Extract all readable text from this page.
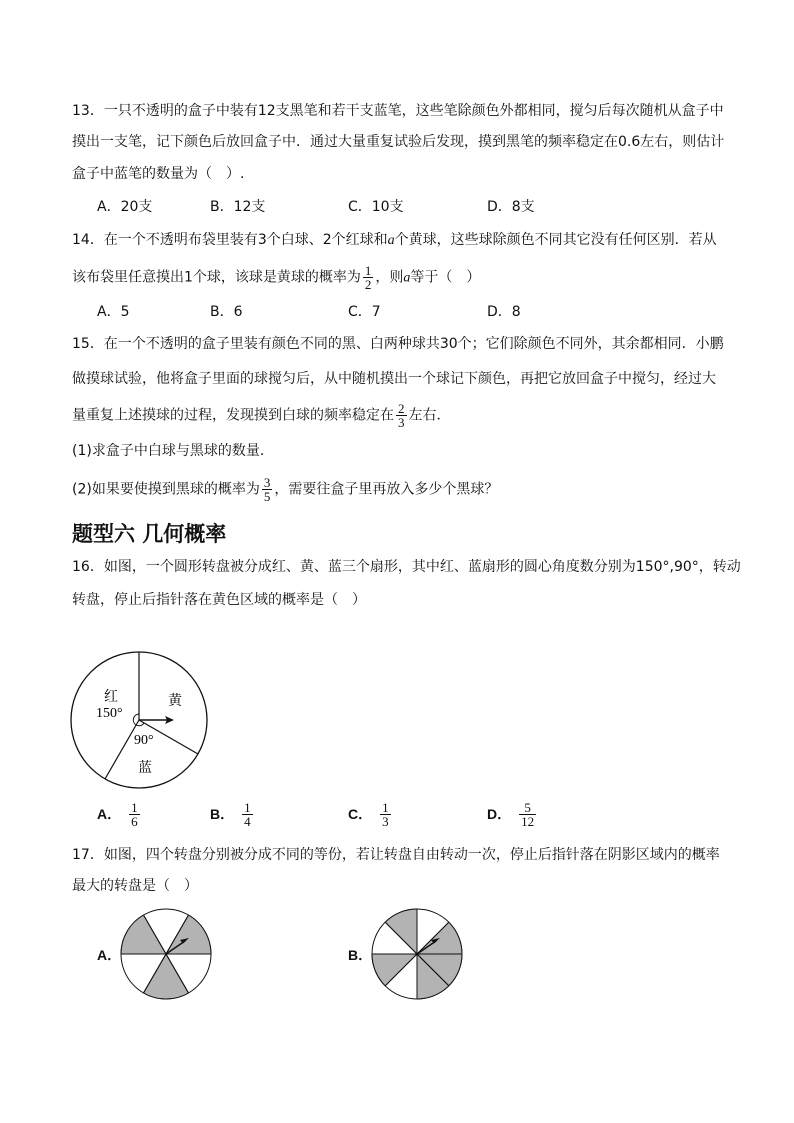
13．一只不透明的盒子中装有12支黑笔和若干支蓝笔，这些笔除颜色外都相同，搅匀后每次随机从盒子中
摸出一支笔，记下颜色后放回盒子中．通过大量重复试验后发现，摸到黑笔的频率稳定在0.6左右，则估计
盒子中蓝笔的数量为（　）.
A．20支	B．12支	C．10支	D．8支
14．在一个不透明布袋里装有3个白球、2个红球和a个黄球，这些球除颜色不同其它没有任何区别．若从
该布袋里任意摸出1个球，该球是黄球的概率为 $\frac{1}{2}$ ，则a等于（　）
A．5	B．6	C．7	D．8
15．在一个不透明的盒子里装有颜色不同的黑、白两种球共30个；它们除颜色不同外，其余都相同．小鹏
做摸球试验，他将盒子里面的球搅匀后，从中随机摸出一个球记下颜色，再把它放回盒子中搅匀，经过大
量重复上述摸球的过程，发现摸到白球的频率稳定在 $\frac{2}{3}$ 左右．
(1)求盒子中白球与黑球的数量．
(2)如果要使摸到黑球的概率为 $\frac{3}{5}$ ，需要往盒子里再放入多少个黑球？
题型六 几何概率
16．如图，一个圆形转盘被分成红、黄、蓝三个扇形，其中红、蓝扇形的圆心角度数分别为150°,90°，转动
转盘，停止后指针落在黄色区域的概率是（　）
红
150°
黄
90°
蓝
A． $\frac{1}{6}$	B． $\frac{1}{4}$	C． $\frac{1}{3}$	D． $\frac{5}{12}$
17．如图，四个转盘分别被分成不同的等份，若让转盘自由转动一次，停止后指针落在阴影区域内的概率
最大的转盘是（　）
A．	B．
